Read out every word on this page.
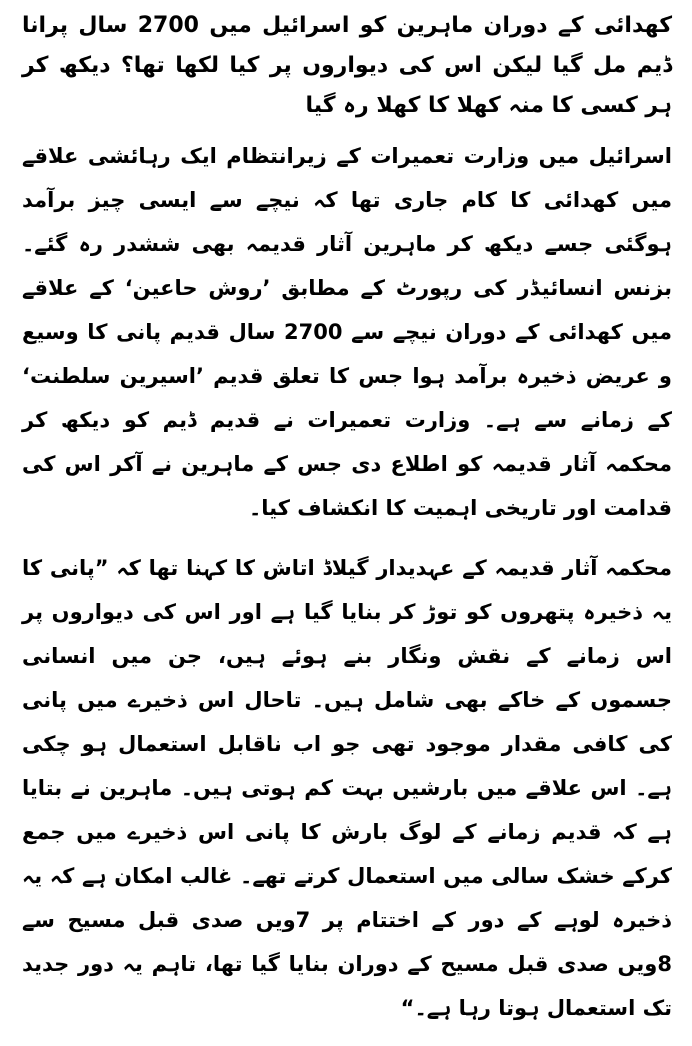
کھدائی کے دوران ماہرین کو اسرائیل میں 2700 سال پرانا ڈیم مل گیا لیکن اس کی دیواروں پر کیا لکھا تھا؟ دیکھ کر ہر کسی کا منہ کھلا کا کھلا رہ گیا

اسرائیل میں وزارت تعمیرات کے زیرانتظام ایک رہائشی علاقے میں کھدائی کا کام جاری تھا کہ نیچے سے ایسی چیز برآمد ہوگئی جسے دیکھ کر ماہرین آثار قدیمہ بھی ششدر رہ گئے۔ بزنس انسائیڈر کی رپورٹ کے مطابق ’روش حاعین‘ کے علاقے میں کھدائی کے دوران نیچے سے 2700 سال قدیم پانی کا وسیع و عریض ذخیرہ برآمد ہوا جس کا تعلق قدیم ’اسیرین سلطنت‘ کے زمانے سے ہے۔ وزارت تعمیرات نے قدیم ڈیم کو دیکھ کر محکمہ آثار قدیمہ کو اطلاع دی جس کے ماہرین نے آکر اس کی قدامت اور تاریخی اہمیت کا انکشاف کیا۔

محکمہ آثار قدیمہ کے عہدیدار گیلاڈ اتاش کا کہنا تھا کہ ”پانی کا یہ ذخیرہ پتھروں کو توڑ کر بنایا گیا ہے اور اس کی دیواروں پر اس زمانے کے نقش ونگار بنے ہوئے ہیں، جن میں انسانی جسموں کے خاکے بھی شامل ہیں۔ تاحال اس ذخیرے میں پانی کی کافی مقدار موجود تھی جو اب ناقابل استعمال ہو چکی ہے۔ اس علاقے میں بارشیں بہت کم ہوتی ہیں۔ ماہرین نے بتایا ہے کہ قدیم زمانے کے لوگ بارش کا پانی اس ذخیرے میں جمع کرکے خشک سالی میں استعمال کرتے تھے۔ غالب امکان ہے کہ یہ ذخیرہ لوہے کے دور کے اختتام پر 7ویں صدی قبل مسیح سے 8ویں صدی قبل مسیح کے دوران بنایا گیا تھا، تاہم یہ دور جدید تک استعمال ہوتا رہا ہے۔“
